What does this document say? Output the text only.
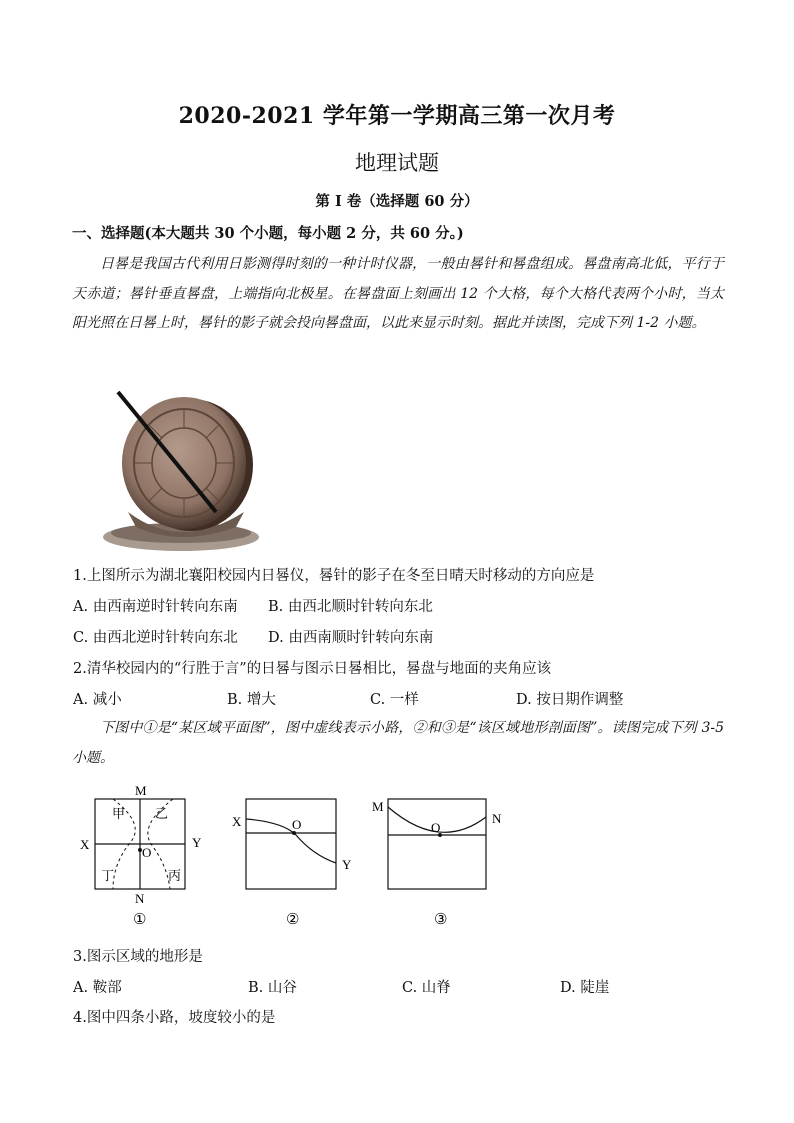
2020-2021 学年第一学期高三第一次月考
地理试题
第 I 卷（选择题 60 分）
一、选择题(本大题共 30 个小题，每小题 2 分，共 60 分。)
日晷是我国古代利用日影测得时刻的一种计时仪器，一般由晷针和晷盘组成。晷盘南高北低，平行于天赤道；晷针垂直晷盘，上端指向北极星。在晷盘面上刻画出 12 个大格，每个大格代表两个小时，当太阳光照在日晷上时，晷针的影子就会投向晷盘面，以此来显示时刻。据此并读图，完成下列 1-2 小题。
1.上图所示为湖北襄阳校园内日晷仪，晷针的影子在冬至日晴天时移动的方向应是
A. 由西南逆时针转向东南 B. 由西北顺时针转向东北
C. 由西北逆时针转向东北 D. 由西南顺时针转向东南
2.清华校园内的“行胜于言”的日晷与图示日晷相比，晷盘与地面的夹角应该
A. 减小	B. 增大	C. 一样	D. 按日期作调整
下图中①是“某区域平面图”，图中虚线表示小路，②和③是“该区域地形剖面图”。读图完成下列 3-5 小题。
M
N
X	Y
O
甲 乙
丁	丙
①
X
Y
O
②
M
N
O
③
3.图示区域的地形是
A. 鞍部	B. 山谷	C. 山脊	D. 陡崖
4.图中四条小路，坡度较小的是
